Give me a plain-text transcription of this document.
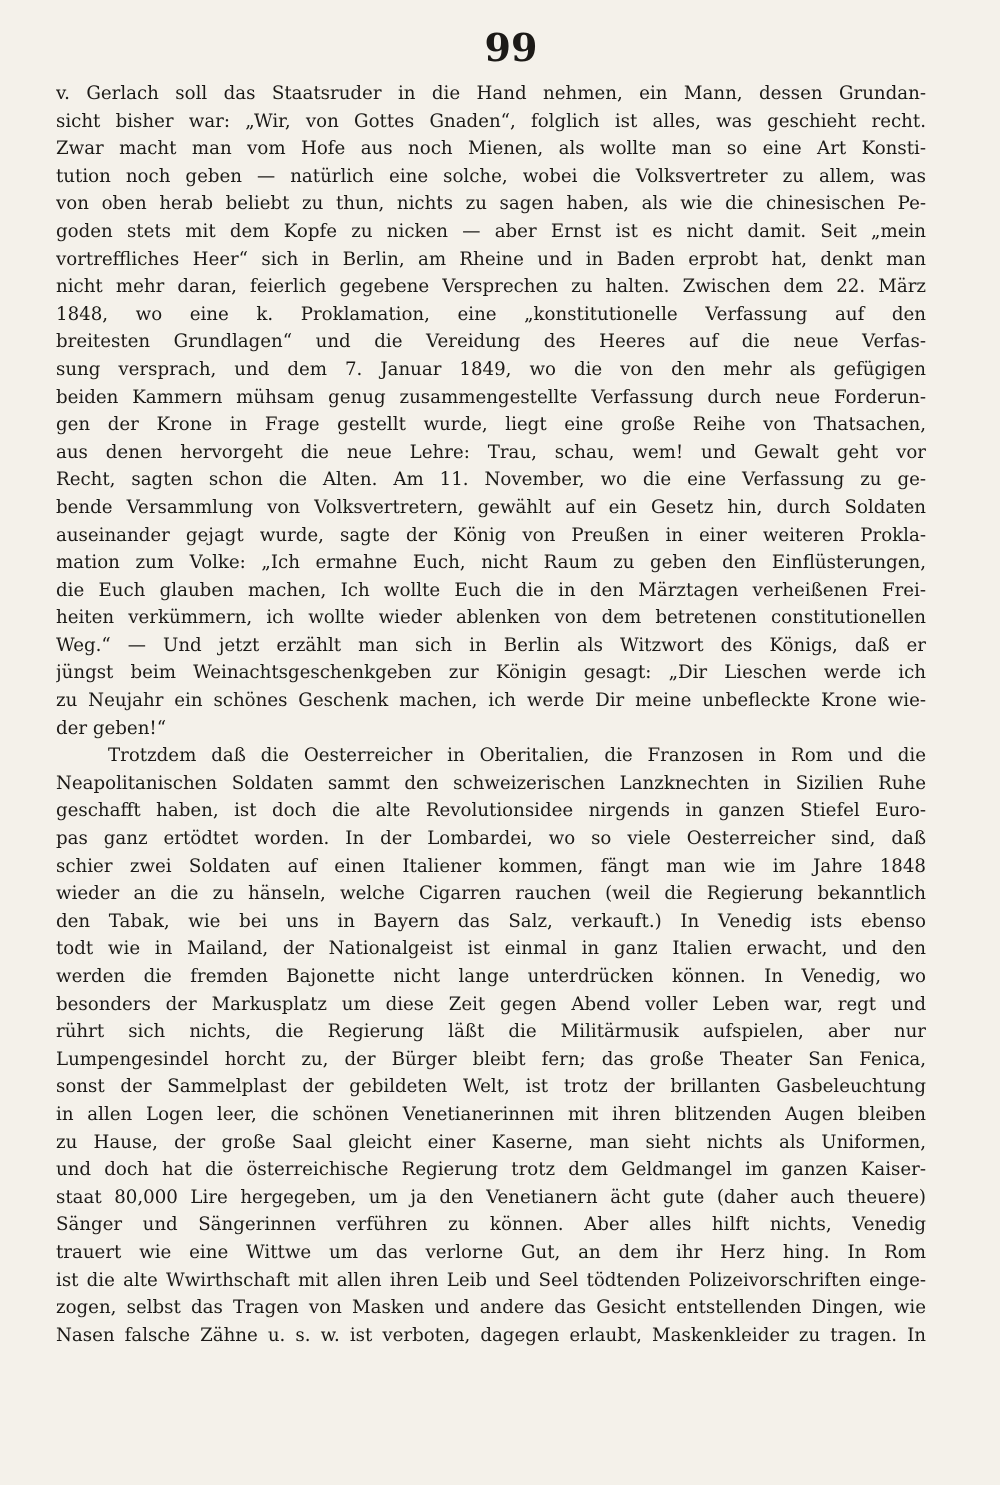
99
v. Gerlach soll das Staatsruder in die Hand nehmen, ein Mann, dessen Grundan-
sicht bisher war: „Wir, von Gottes Gnaden“, folglich ist alles, was geschieht recht.
Zwar macht man vom Hofe aus noch Mienen, als wollte man so eine Art Konsti-
tution noch geben — natürlich eine solche, wobei die Volksvertreter zu allem, was
von oben herab beliebt zu thun, nichts zu sagen haben, als wie die chinesischen Pe-
goden stets mit dem Kopfe zu nicken — aber Ernst ist es nicht damit. Seit „mein
vortreffliches Heer“ sich in Berlin, am Rheine und in Baden erprobt hat, denkt man
nicht mehr daran, feierlich gegebene Versprechen zu halten. Zwischen dem 22. März
1848, wo eine k. Proklamation, eine „konstitutionelle Verfassung auf den
breitesten Grundlagen“ und die Vereidung des Heeres auf die neue Verfas-
sung versprach, und dem 7. Januar 1849, wo die von den mehr als gefügigen
beiden Kammern mühsam genug zusammengestellte Verfassung durch neue Forderun-
gen der Krone in Frage gestellt wurde, liegt eine große Reihe von Thatsachen,
aus denen hervorgeht die neue Lehre: Trau, schau, wem! und Gewalt geht vor
Recht, sagten schon die Alten. Am 11. November, wo die eine Verfassung zu ge-
bende Versammlung von Volksvertretern, gewählt auf ein Gesetz hin, durch Soldaten
auseinander gejagt wurde, sagte der König von Preußen in einer weiteren Prokla-
mation zum Volke: „Ich ermahne Euch, nicht Raum zu geben den Einflüsterungen,
die Euch glauben machen, Ich wollte Euch die in den Märztagen verheißenen Frei-
heiten verkümmern, ich wollte wieder ablenken von dem betretenen constitutionellen
Weg.“ — Und jetzt erzählt man sich in Berlin als Witzwort des Königs, daß er
jüngst beim Weinachtsgeschenkgeben zur Königin gesagt: „Dir Lieschen werde ich
zu Neujahr ein schönes Geschenk machen, ich werde Dir meine unbefleckte Krone wie-
der geben!“
Trotzdem daß die Oesterreicher in Oberitalien, die Franzosen in Rom und die
Neapolitanischen Soldaten sammt den schweizerischen Lanzknechten in Sizilien Ruhe
geschafft haben, ist doch die alte Revolutionsidee nirgends in ganzen Stiefel Euro-
pas ganz ertödtet worden. In der Lombardei, wo so viele Oesterreicher sind, daß
schier zwei Soldaten auf einen Italiener kommen, fängt man wie im Jahre 1848
wieder an die zu hänseln, welche Cigarren rauchen (weil die Regierung bekanntlich
den Tabak, wie bei uns in Bayern das Salz, verkauft.) In Venedig ists ebenso
todt wie in Mailand, der Nationalgeist ist einmal in ganz Italien erwacht, und den
werden die fremden Bajonette nicht lange unterdrücken können. In Venedig, wo
besonders der Markusplatz um diese Zeit gegen Abend voller Leben war, regt und
rührt sich nichts, die Regierung läßt die Militärmusik aufspielen, aber nur
Lumpengesindel horcht zu, der Bürger bleibt fern; das große Theater San Fenica,
sonst der Sammelplast der gebildeten Welt, ist trotz der brillanten Gasbeleuchtung
in allen Logen leer, die schönen Venetianerinnen mit ihren blitzenden Augen bleiben
zu Hause, der große Saal gleicht einer Kaserne, man sieht nichts als Uniformen,
und doch hat die österreichische Regierung trotz dem Geldmangel im ganzen Kaiser-
staat 80,000 Lire hergegeben, um ja den Venetianern ächt gute (daher auch theuere)
Sänger und Sängerinnen verführen zu können. Aber alles hilft nichts, Venedig
trauert wie eine Wittwe um das verlorne Gut, an dem ihr Herz hing. In Rom
ist die alte Wwirthschaft mit allen ihren Leib und Seel tödtenden Polizeivorschriften einge-
zogen, selbst das Tragen von Masken und andere das Gesicht entstellenden Dingen, wie
Nasen falsche Zähne u. s. w. ist verboten, dagegen erlaubt, Maskenkleider zu tragen. In
